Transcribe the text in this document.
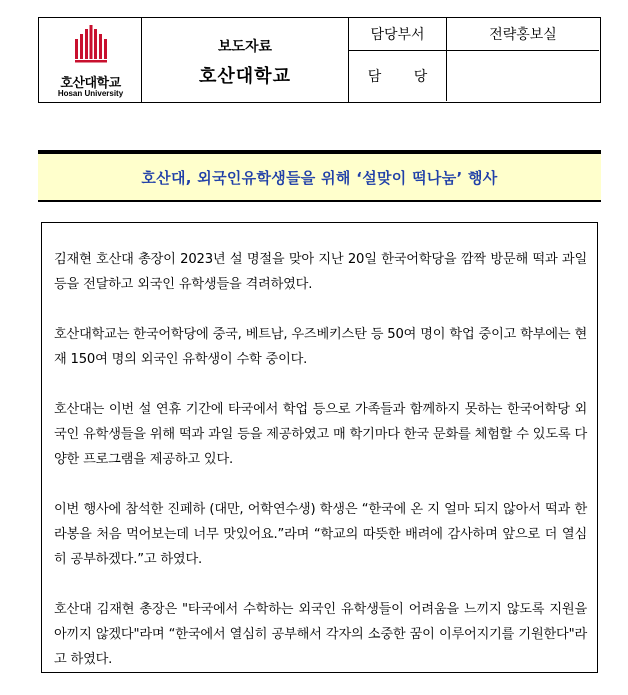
호산대학교
Hosan University
보도자료
호산대학교
담당부서	전략홍보실
담 당
호산대, 외국인유학생들을 위해 ‘설맞이 떡나눔’ 행사

김재현 호산대 총장이 2023년 설 명절을 맞아 지난 20일 한국어학당을 깜짝 방문해 떡과 과일 등을 전달하고 외국인 유학생들을 격려하였다.

호산대학교는 한국어학당에 중국, 베트남, 우즈베키스탄 등 50여 명이 학업 중이고 학부에는 현재 150여 명의 외국인 유학생이 수학 중이다.

호산대는 이번 설 연휴 기간에 타국에서 학업 등으로 가족들과 함께하지 못하는 한국어학당 외국인 유학생들을 위해 떡과 과일 등을 제공하였고 매 학기마다 한국 문화를 체험할 수 있도록 다양한 프로그램을 제공하고 있다.

이번 행사에 참석한 진페하 (대만, 어학연수생) 학생은 “한국에 온 지 얼마 되지 않아서 떡과 한라봉을 처음 먹어보는데 너무 맛있어요.”라며 “학교의 따뜻한 배려에 감사하며 앞으로 더 열심히 공부하겠다.”고 하였다.

호산대 김재현 총장은 "타국에서 수학하는 외국인 유학생들이 어려움을 느끼지 않도록 지원을 아끼지 않겠다"라며 “한국에서 열심히 공부해서 각자의 소중한 꿈이 이루어지기를 기원한다"라고 하였다.
